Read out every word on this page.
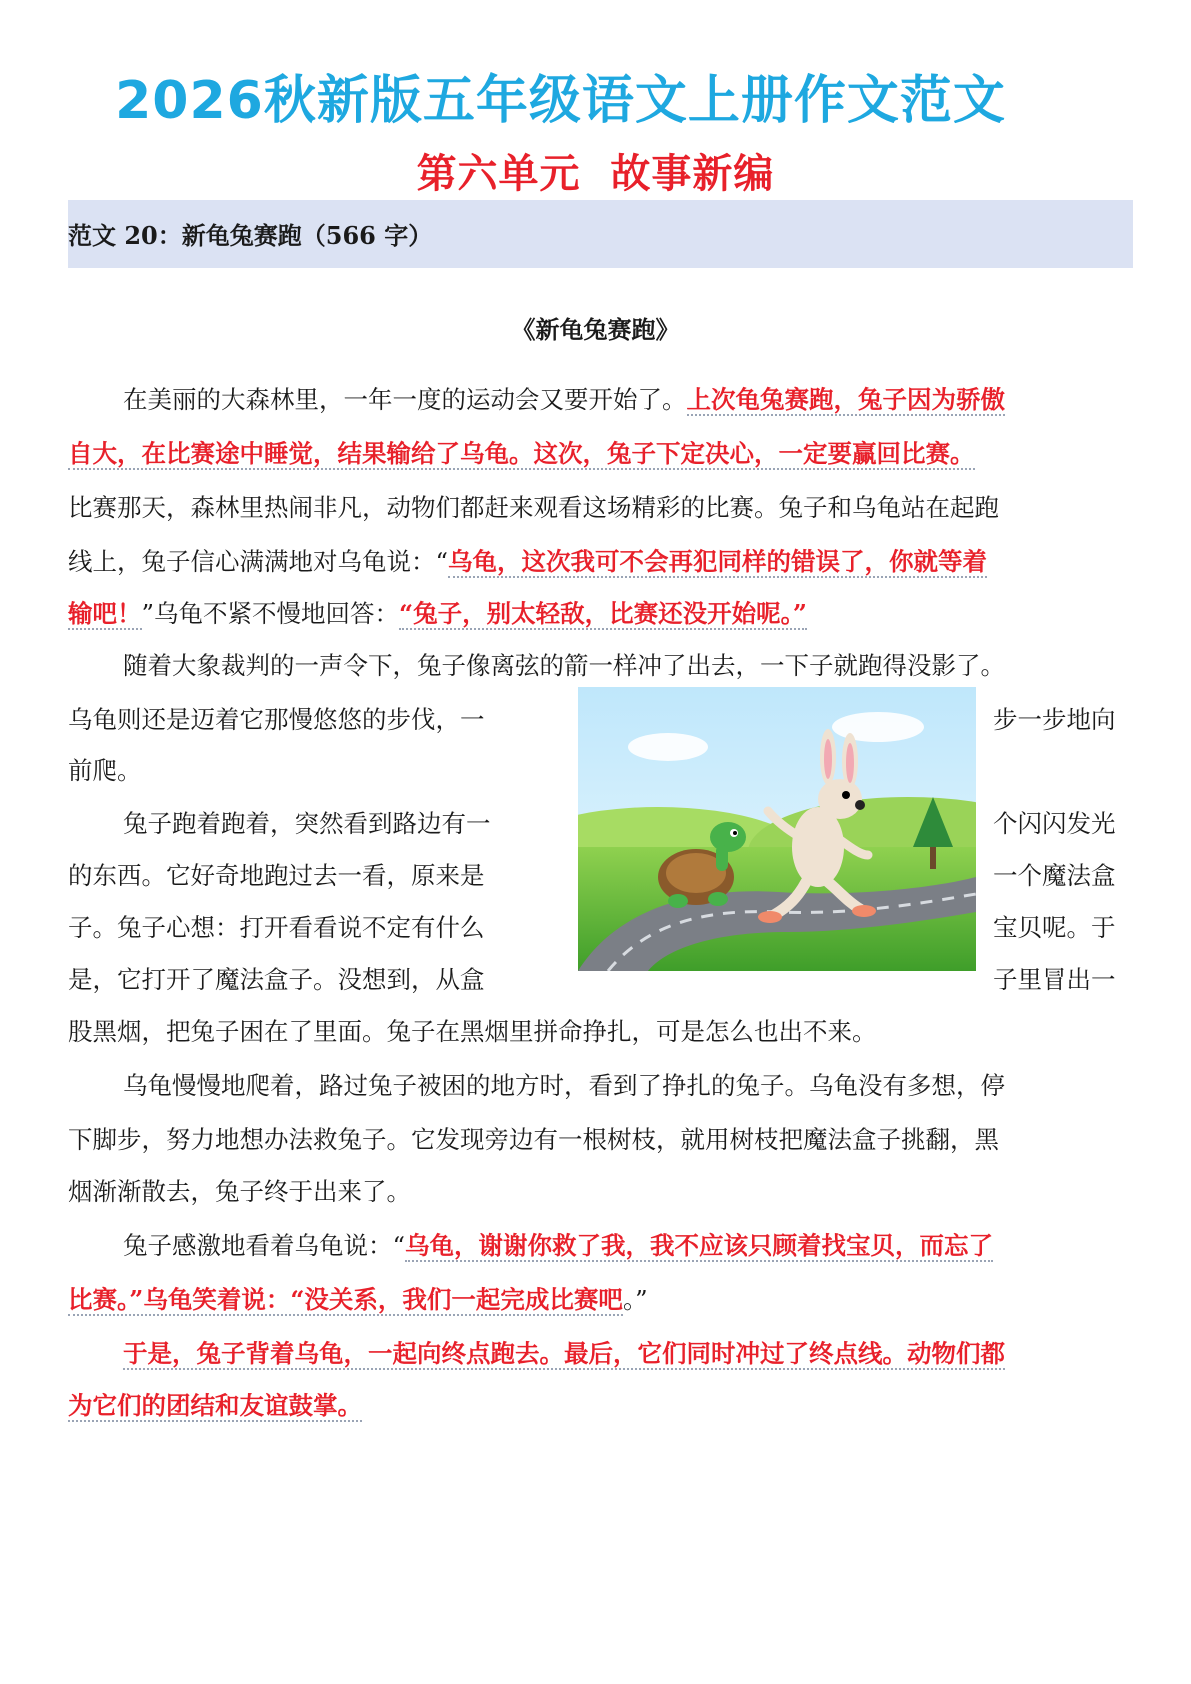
2026秋新版五年级语文上册作文范文
第六单元  故事新编
范文 20：新龟兔赛跑（566 字）
《新龟兔赛跑》
在美丽的大森林里，一年一度的运动会又要开始了。上次龟兔赛跑，兔子因为骄傲
自大，在比赛途中睡觉，结果输给了乌龟。这次，兔子下定决心，一定要赢回比赛。
比赛那天，森林里热闹非凡，动物们都赶来观看这场精彩的比赛。兔子和乌龟站在起跑
线上，兔子信心满满地对乌龟说：“乌龟，这次我可不会再犯同样的错误了，你就等着
输吧！”乌龟不紧不慢地回答：“兔子，别太轻敌，比赛还没开始呢。”
随着大象裁判的一声令下，兔子像离弦的箭一样冲了出去，一下子就跑得没影了。
乌龟则还是迈着它那慢悠悠的步伐，一	步一步地向
前爬。
兔子跑着跑着，突然看到路边有一	个闪闪发光
的东西。它好奇地跑过去一看，原来是	一个魔法盒
子。兔子心想：打开看看说不定有什么	宝贝呢。于
是，它打开了魔法盒子。没想到，从盒	子里冒出一
股黑烟，把兔子困在了里面。兔子在黑烟里拼命挣扎，可是怎么也出不来。
乌龟慢慢地爬着，路过兔子被困的地方时，看到了挣扎的兔子。乌龟没有多想，停
下脚步，努力地想办法救兔子。它发现旁边有一根树枝，就用树枝把魔法盒子挑翻，黑
烟渐渐散去，兔子终于出来了。
兔子感激地看着乌龟说：“乌龟，谢谢你救了我，我不应该只顾着找宝贝，而忘了
比赛。”乌龟笑着说：“没关系，我们一起完成比赛吧。”
于是，兔子背着乌龟，一起向终点跑去。最后，它们同时冲过了终点线。动物们都
为它们的团结和友谊鼓掌。
